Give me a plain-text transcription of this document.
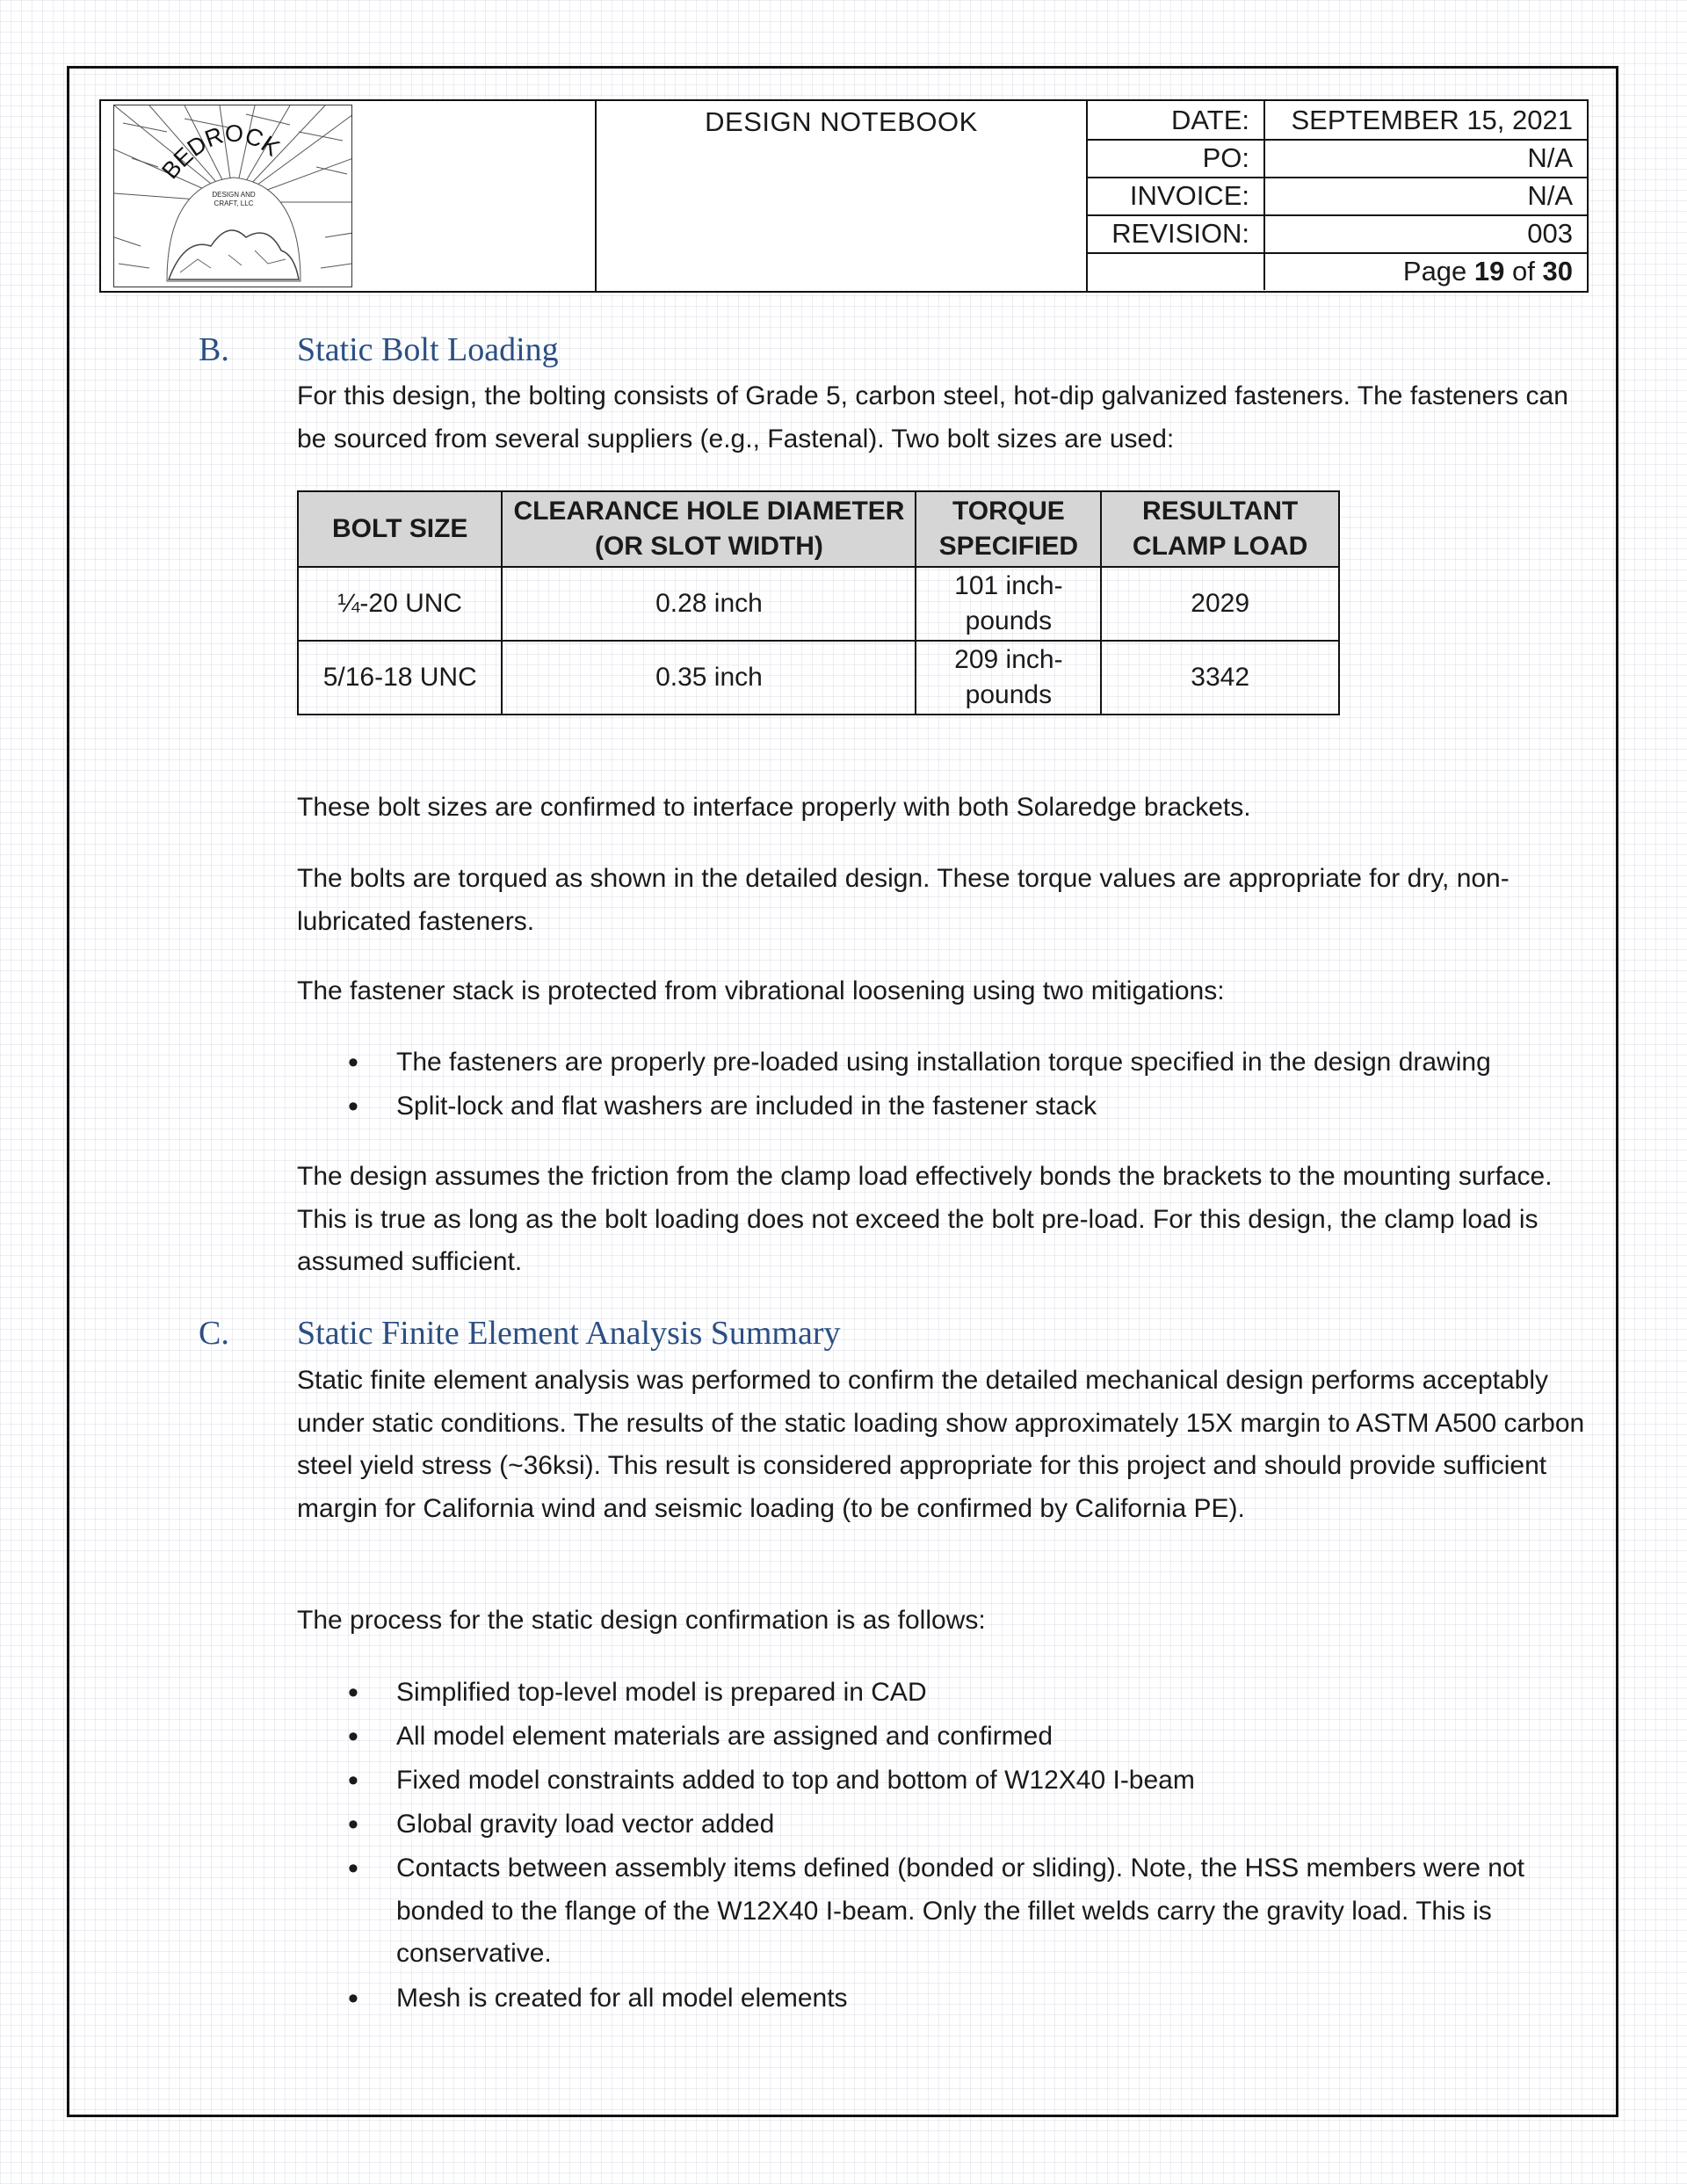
BEDROCK
DESIGN AND
CRAFT, LLC
DESIGN NOTEBOOK	DATE:	SEPTEMBER 15, 2021
PO:	N/A
INVOICE:	N/A
REVISION:	003
Page 19 of 30
B. Static Bolt Loading

For this design, the bolting consists of Grade 5, carbon steel, hot-dip galvanized fasteners. The fasteners can be sourced from several suppliers (e.g., Fastenal). Two bolt sizes are used:

BOLT SIZE	CLEARANCE HOLE DIAMETER (OR SLOT WIDTH)	TORQUE SPECIFIED	RESULTANT CLAMP LOAD
¼-20 UNC	0.28 inch	101 inch-pounds	2029
5/16-18 UNC	0.35 inch	209 inch-pounds	3342

These bolt sizes are confirmed to interface properly with both Solaredge brackets.

The bolts are torqued as shown in the detailed design. These torque values are appropriate for dry, non-lubricated fasteners.

The fastener stack is protected from vibrational loosening using two mitigations:

• The fasteners are properly pre-loaded using installation torque specified in the design drawing
• Split-lock and flat washers are included in the fastener stack

The design assumes the friction from the clamp load effectively bonds the brackets to the mounting surface. This is true as long as the bolt loading does not exceed the bolt pre-load. For this design, the clamp load is assumed sufficient.

C. Static Finite Element Analysis Summary

Static finite element analysis was performed to confirm the detailed mechanical design performs acceptably under static conditions. The results of the static loading show approximately 15X margin to ASTM A500 carbon steel yield stress (~36ksi). This result is considered appropriate for this project and should provide sufficient margin for California wind and seismic loading (to be confirmed by California PE).

The process for the static design confirmation is as follows:

• Simplified top-level model is prepared in CAD
• All model element materials are assigned and confirmed
• Fixed model constraints added to top and bottom of W12X40 I-beam
• Global gravity load vector added
• Contacts between assembly items defined (bonded or sliding). Note, the HSS members were not bonded to the flange of the W12X40 I-beam. Only the fillet welds carry the gravity load. This is conservative.
• Mesh is created for all model elements
